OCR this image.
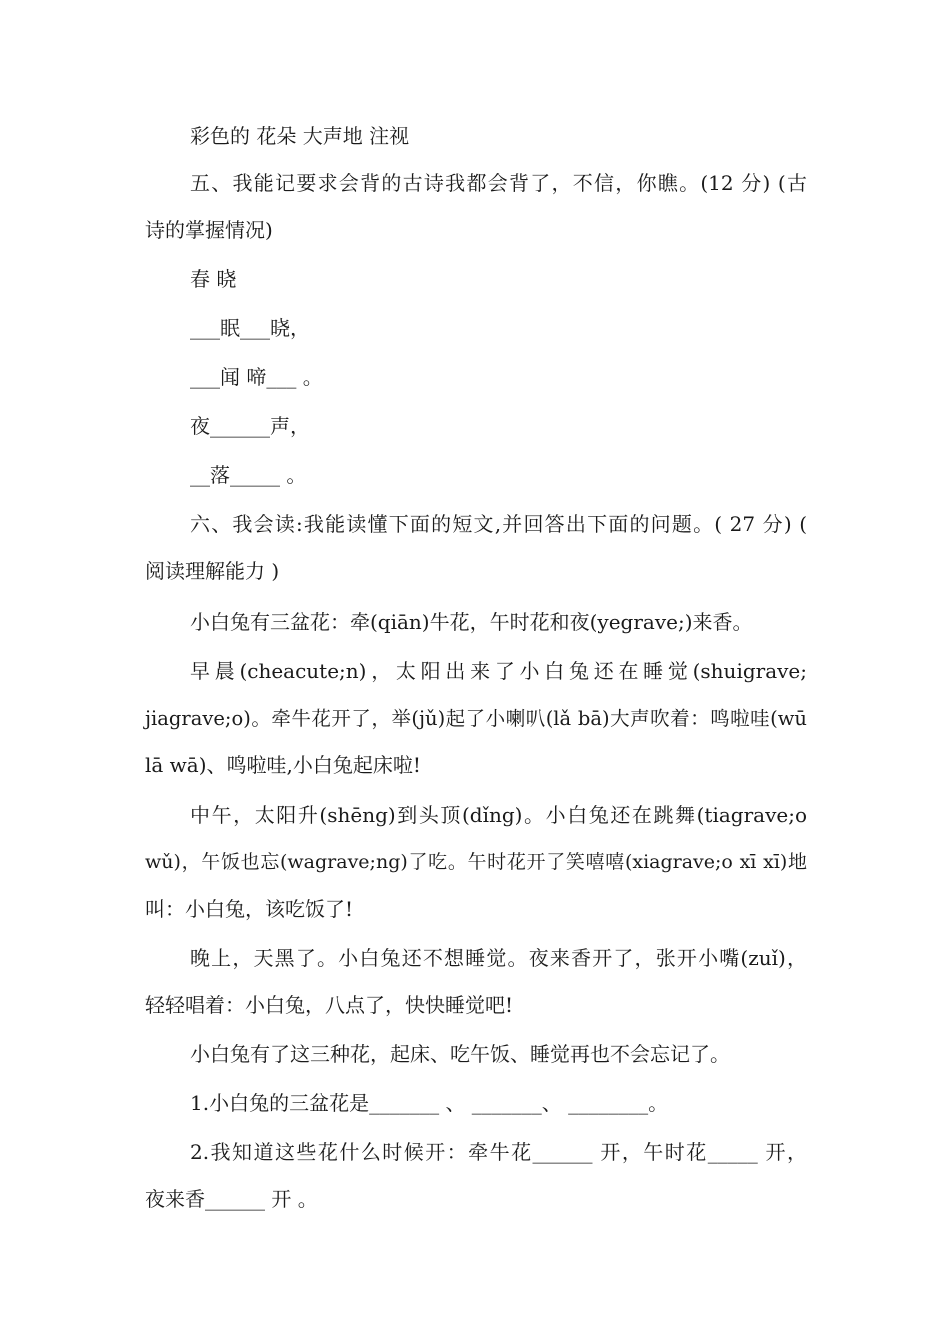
彩色的 花朵 大声地 注视
五、我能记要求会背的古诗我都会背了，不信，你瞧。(12 分) (古
诗的掌握情况)
春 晓
___眠___晓，
___闻 啼___ 。
夜______声，
__落_____ 。
六、我会读:我能读懂下面的短文,并回答出下面的问题。( 27 分) (
阅读理解能力 )
小白兔有三盆花：牵(qiān)牛花，午时花和夜(yegrave;)来香。
早晨(cheacute;n)，太阳出来了小白兔还在睡觉(shuigrave;
jiagrave;o)。牵牛花开了，举(jǔ)起了小喇叭(lǎ bā)大声吹着：鸣啦哇(wū
lā wā)、鸣啦哇,小白兔起床啦!
中午，太阳升(shēng)到头顶(dǐng)。小白兔还在跳舞(tiagrave;o
wǔ)，午饭也忘(wagrave;ng)了吃。午时花开了笑嘻嘻(xiagrave;o xī xī)地
叫：小白兔，该吃饭了!
晚上，天黑了。小白兔还不想睡觉。夜来香开了，张开小嘴(zuǐ)，
轻轻唱着：小白兔，八点了，快快睡觉吧!
小白兔有了这三种花，起床、吃午饭、睡觉再也不会忘记了。
1.小白兔的三盆花是_______ 、 _______、 ________。
2.我知道这些花什么时候开：牵牛花______ 开，午时花_____ 开，
夜来香______ 开 。
